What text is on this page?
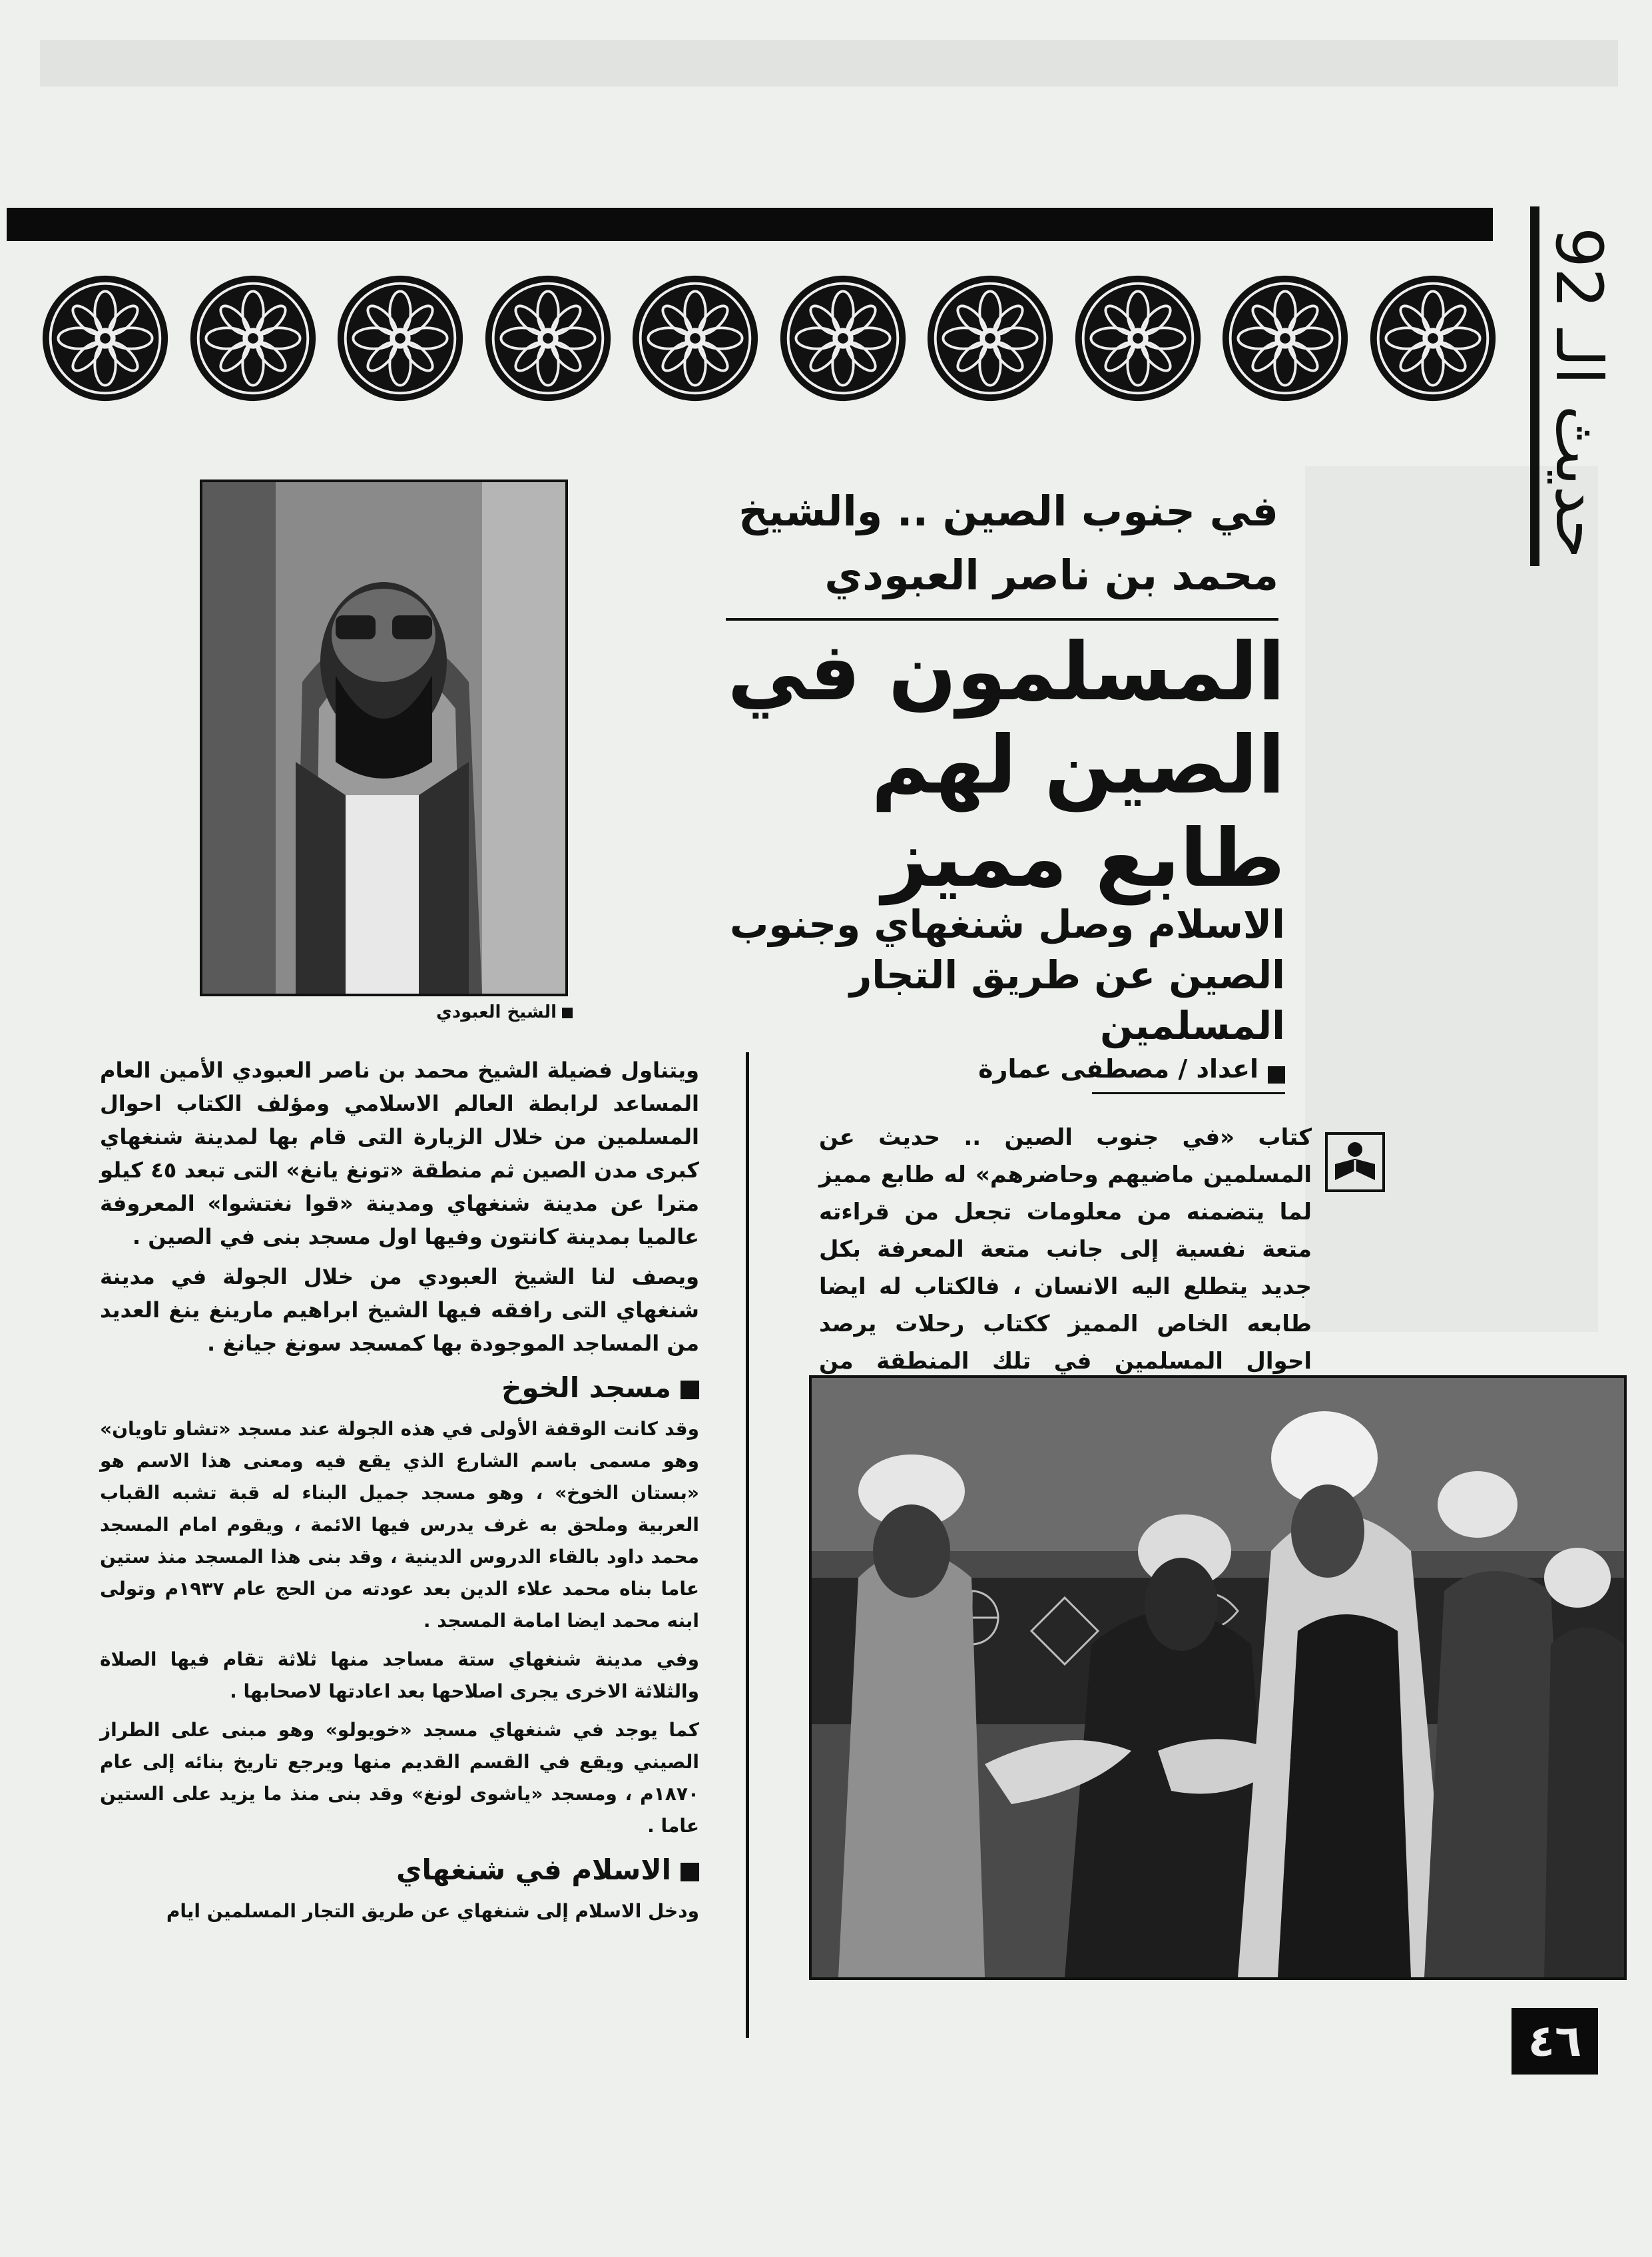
حديث الـ 92
الشيخ العبودي
في جنوب الصين .. والشيخ محمد بن ناصر العبودي
المسلمون في الصين لهم طابع مميز
الاسلام وصل شنغهاي وجنوب الصين عن طريق التجار المسلمين
اعداد / مصطفى عمارة

كتاب «في جنوب الصين .. حديث عن المسلمين ماضيهم وحاضرهم» له طابع مميز لما يتضمنه من معلومات تجعل من قراءته متعة نفسية إلى جانب متعة المعرفة بكل جديد يتطلع اليه الانسان ، فالكتاب له ايضا طابعه الخاص المميز ككتاب رحلات يرصد احوال المسلمين في تلك المنطقة من

ويتناول فضيلة الشيخ محمد بن ناصر العبودي الأمين العام المساعد لرابطة العالم الاسلامي ومؤلف الكتاب احوال المسلمين من خلال الزيارة التى قام بها لمدينة شنغهاي كبرى مدن الصين ثم منطقة «تونغ يانغ» التى تبعد ٤٥ كيلو مترا عن مدينة شنغهاي ومدينة «قوا نغتشوا» المعروفة عالميا بمدينة كانتون وفيها اول مسجد بنى في الصين .

ويصف لنا الشيخ العبودي من خلال الجولة في مدينة شنغهاي التى رافقه فيها الشيخ ابراهيم مارينغ ينغ العديد من المساجد الموجودة بها كمسجد سونغ جيانغ .

مسجد الخوخ

وقد كانت الوقفة الأولى في هذه الجولة عند مسجد «تشاو تاويان» وهو مسمى باسم الشارع الذي يقع فيه ومعنى هذا الاسم هو «بستان الخوخ» ، وهو مسجد جميل البناء له قبة تشبه القباب العربية وملحق به غرف يدرس فيها الائمة ، ويقوم امام المسجد محمد داود بالقاء الدروس الدينية ، وقد بنى هذا المسجد منذ ستين عاما بناه محمد علاء الدين بعد عودته من الحج عام ١٩٣٧م وتولى ابنه محمد ايضا امامة المسجد .

وفي مدينة شنغهاي ستة مساجد منها ثلاثة تقام فيها الصلاة والثلاثة الاخرى يجرى اصلاحها بعد اعادتها لاصحابها .

كما يوجد في شنغهاي مسجد «خويولو» وهو مبنى على الطراز الصيني ويقع في القسم القديم منها ويرجع تاريخ بنائه إلى عام ١٨٧٠م ، ومسجد «ياشوى لونغ» وقد بنى منذ ما يزيد على الستين عاما .

الاسلام في شنغهاي

ودخل الاسلام إلى شنغهاي عن طريق التجار المسلمين ايام

٤٦
